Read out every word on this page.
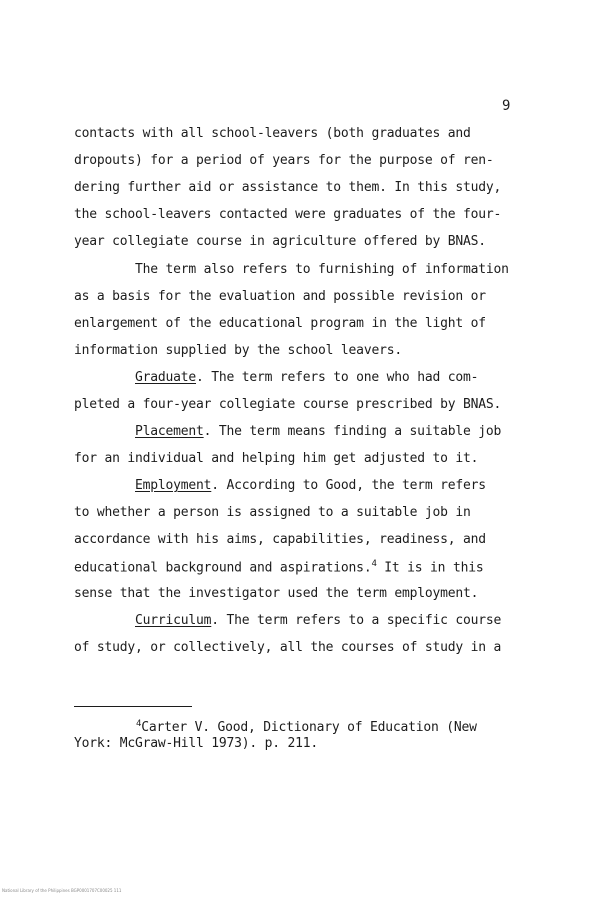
9
contacts with all school-leavers (both graduates and
dropouts) for a period of years for the purpose of ren-
dering further aid or assistance to them. In this study,
the school-leavers contacted were graduates of the four-
year collegiate course in agriculture offered by BNAS.
The term also refers to furnishing of information
as a basis for the evaluation and possible revision or
enlargement of the educational program in the light of
information supplied by the school leavers.
Graduate. The term refers to one who had com-
pleted a four-year collegiate course prescribed by BNAS.
Placement. The term means finding a suitable job
for an individual and helping him get adjusted to it.
Employment. According to Good, the term refers
to whether a person is assigned to a suitable job in
accordance with his aims, capabilities, readiness, and
educational background and aspirations.$^4$ It is in this
sense that the investigator used the term employment.
Curriculum. The term refers to a specific course
of study, or collectively, all the courses of study in a
$^4$Carter V. Good, Dictionary of Education (New
York: McGraw-Hill 1973). p. 211.
National Library of the Philippines BGP0001707C00025 111
